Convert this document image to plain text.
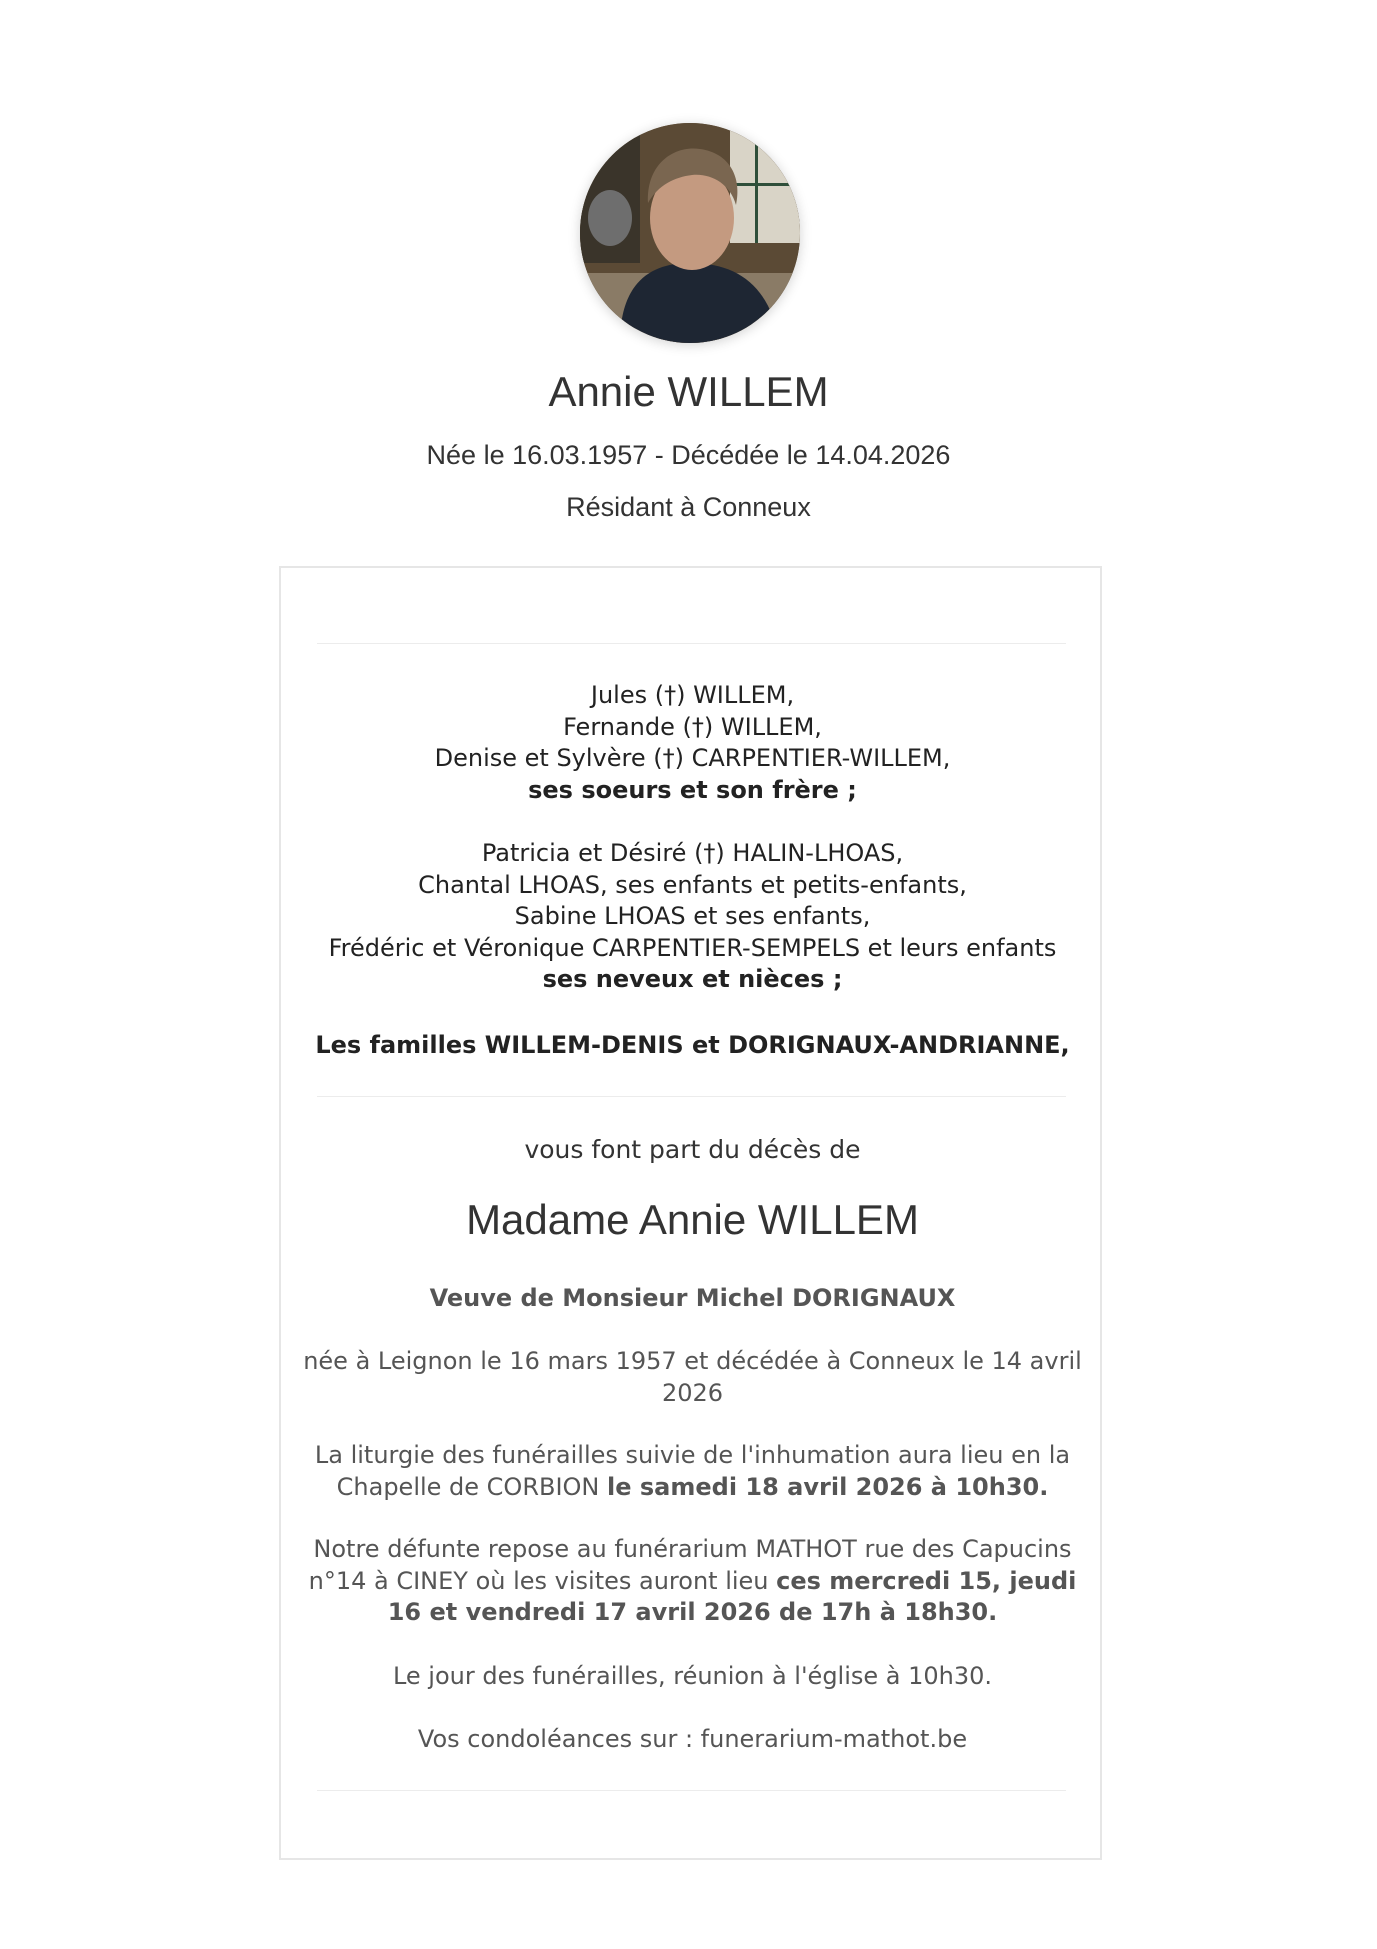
Annie WILLEM
Née le 16.03.1957 - Décédée le 14.04.2026
Résidant à Conneux
Jules (†) WILLEM,
Fernande (†) WILLEM,
Denise et Sylvère (†) CARPENTIER-WILLEM,
ses soeurs et son frère ;
Patricia et Désiré (†) HALIN-LHOAS,
Chantal LHOAS, ses enfants et petits-enfants,
Sabine LHOAS et ses enfants,
Frédéric et Véronique CARPENTIER-SEMPELS et leurs enfants
ses neveux et nièces ;
Les familles WILLEM-DENIS et DORIGNAUX-ANDRIANNE,
vous font part du décès de
Madame Annie WILLEM
Veuve de Monsieur Michel DORIGNAUX
née à Leignon le 16 mars 1957 et décédée à Conneux le 14 avril 2026
La liturgie des funérailles suivie de l'inhumation aura lieu en la Chapelle de CORBION le samedi 18 avril 2026 à 10h30.
Notre défunte repose au funérarium MATHOT rue des Capucins n°14 à CINEY où les visites auront lieu ces mercredi 15, jeudi 16 et vendredi 17 avril 2026 de 17h à 18h30.
Le jour des funérailles, réunion à l'église à 10h30.
Vos condoléances sur : funerarium-mathot.be
